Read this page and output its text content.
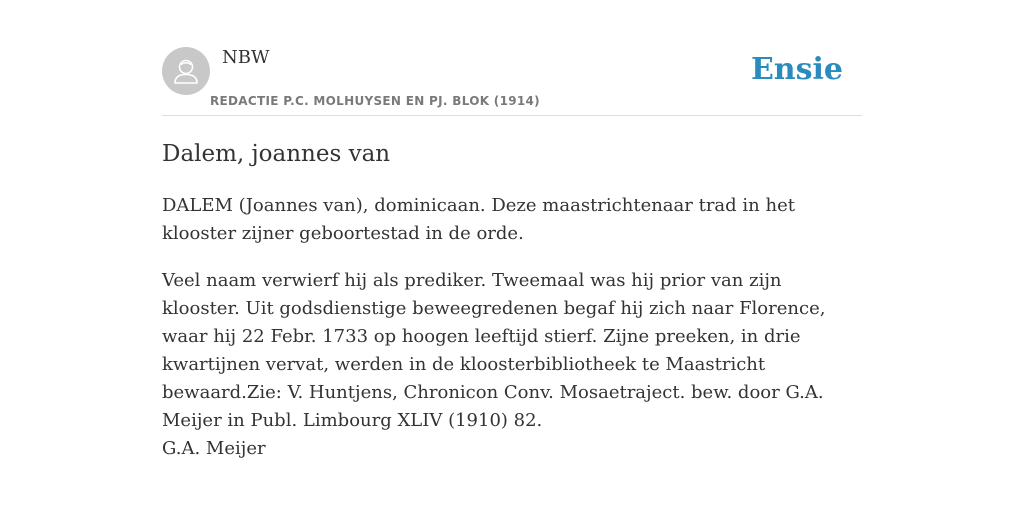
NBW
REDACTIE P.C. MOLHUYSEN EN PJ. BLOK (1914)
Ensie
Dalem, joannes van

DALEM (Joannes van), dominicaan. Deze maastrichtenaar trad in het klooster zijner geboortestad in de orde.

Veel naam verwierf hij als prediker. Tweemaal was hij prior van zijn klooster. Uit godsdienstige beweegredenen begaf hij zich naar Florence, waar hij 22 Febr. 1733 op hoogen leeftijd stierf. Zijne preeken, in drie kwartijnen vervat, werden in de kloosterbibliotheek te Maastricht bewaard.Zie: V. Huntjens, Chronicon Conv. Mosaetraject. bew. door G.A. Meijer in Publ. Limbourg XLIV (1910) 82.

G.A. Meijer
